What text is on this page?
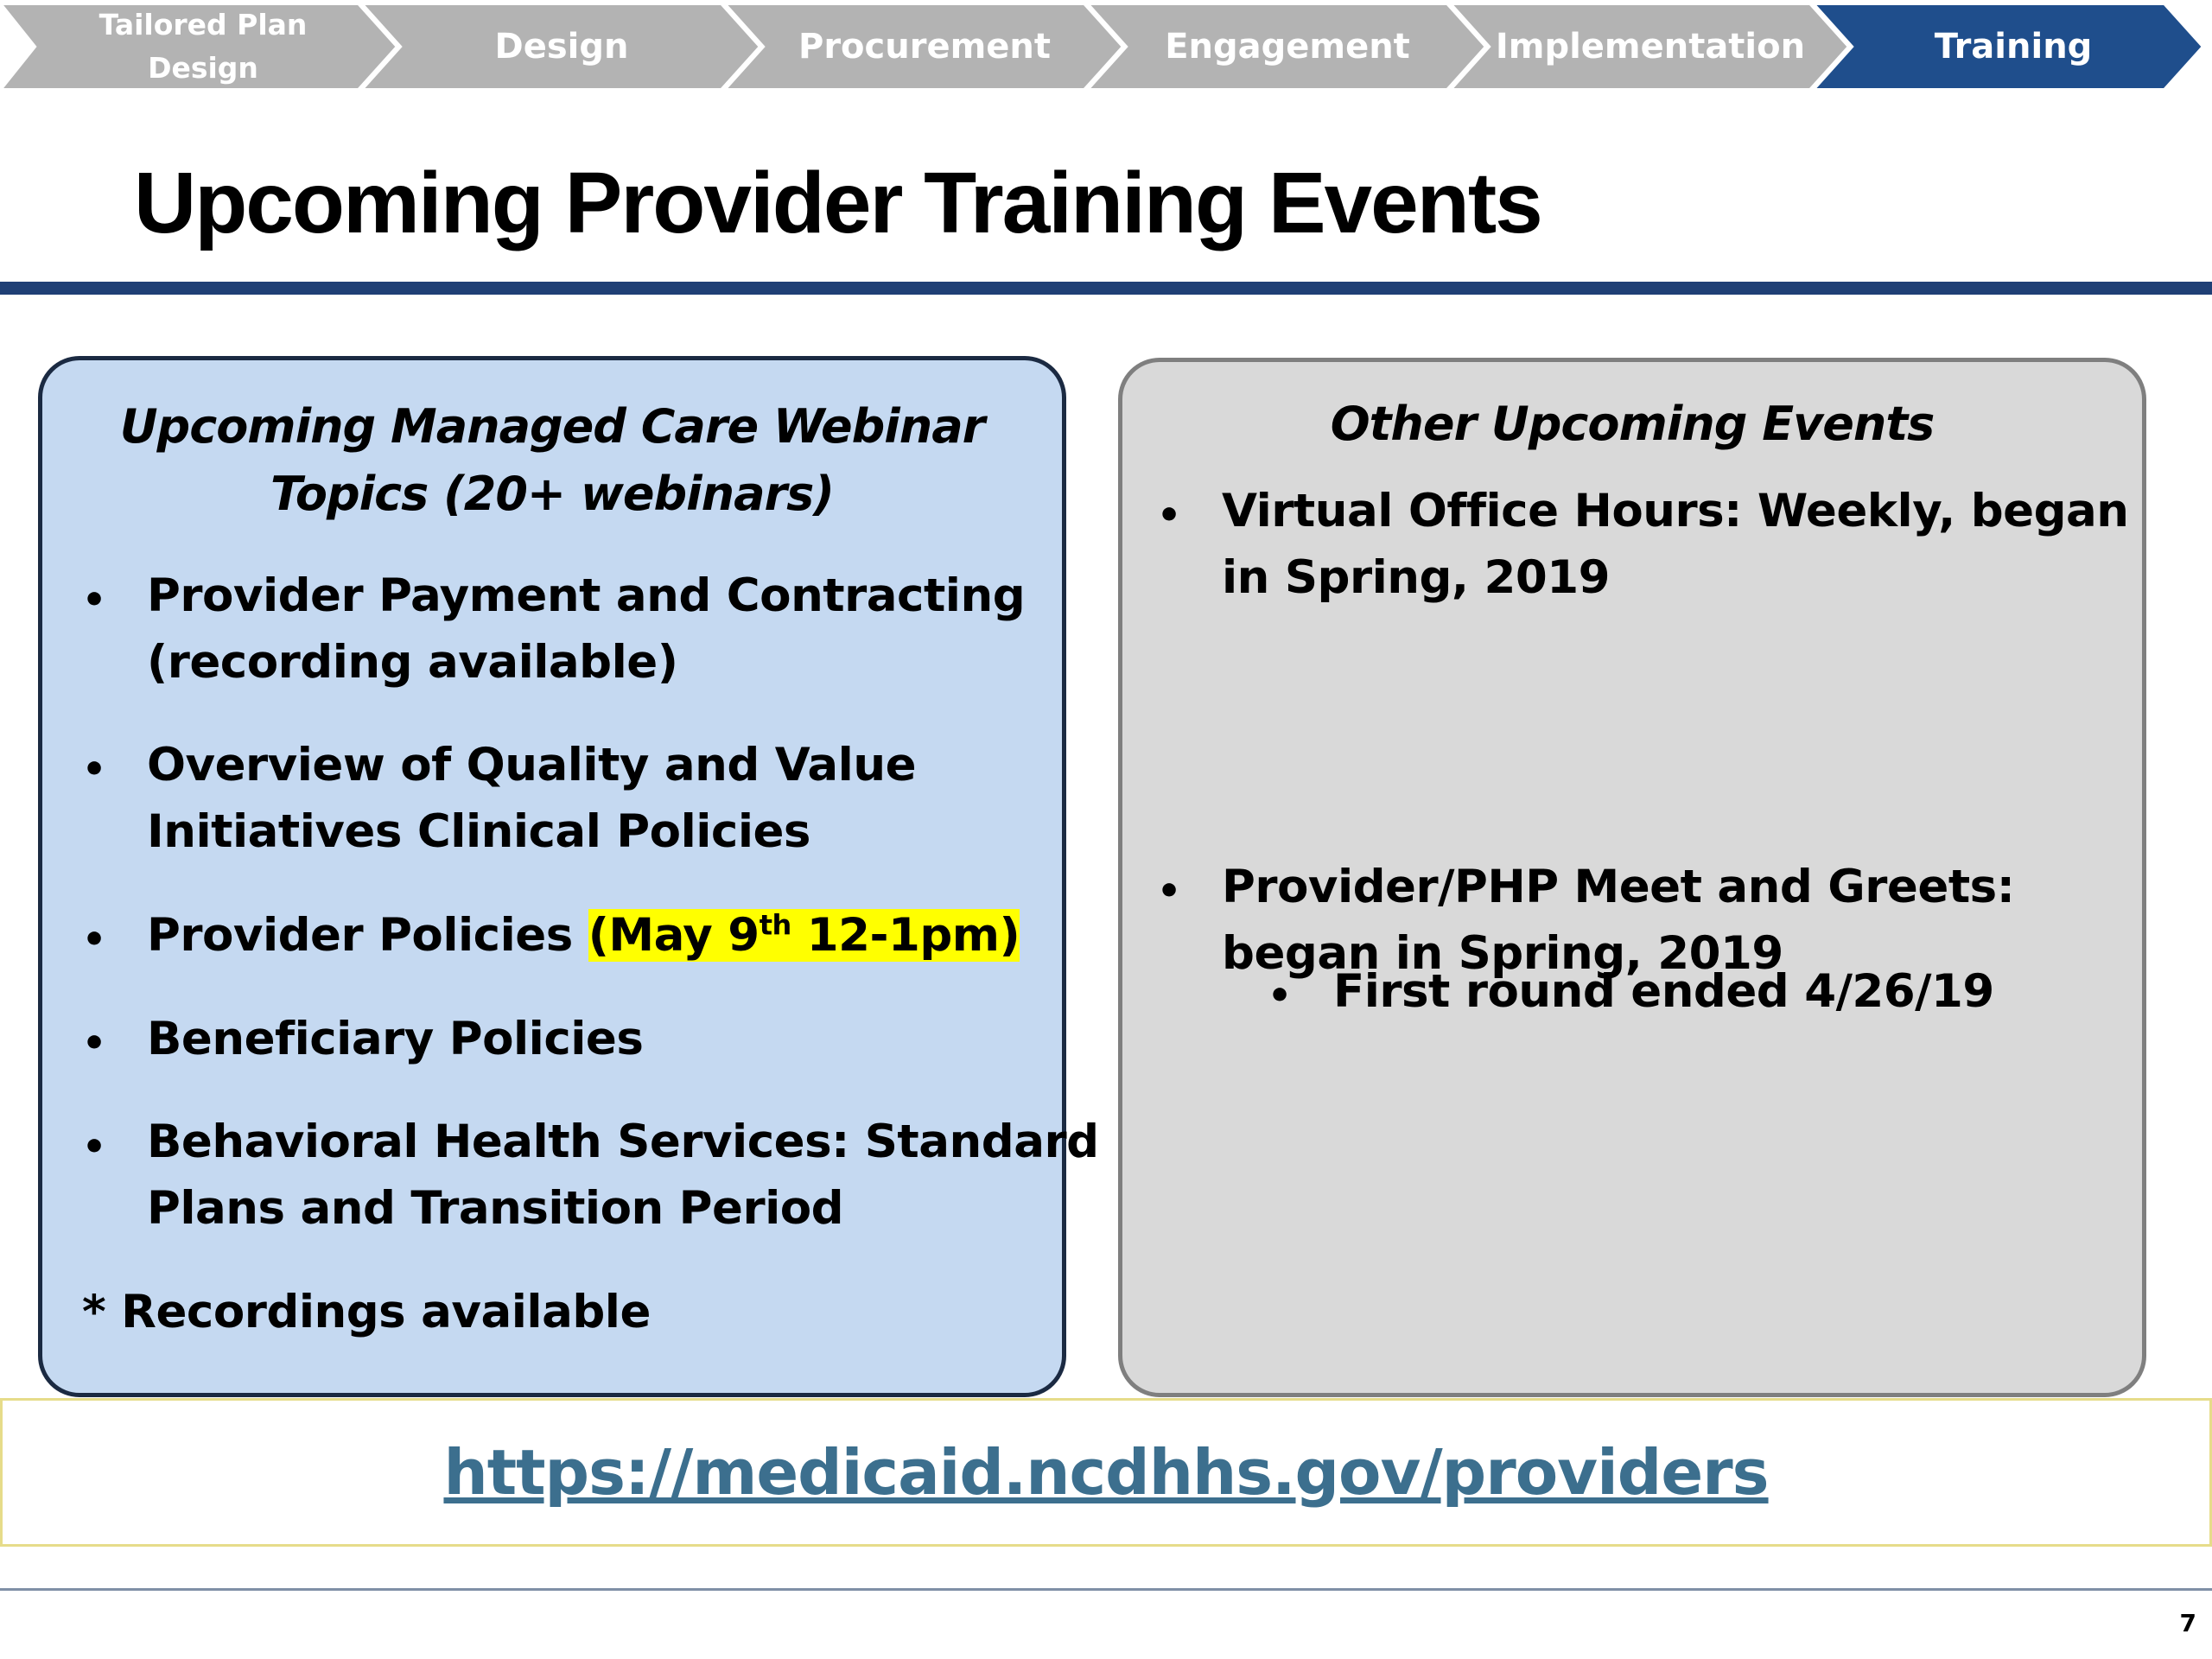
Tailored Plan
Design
Design	Procurement	Engagement	Implementation	Training
Upcoming Provider Training Events
Upcoming Managed Care Webinar
Topics (20+ webinars)
• Provider Payment and Contracting
(recording available)
• Overview of Quality and Value
Initiatives Clinical Policies
• Provider Policies (May 9th 12-1pm)
• Beneficiary Policies
• Behavioral Health Services: Standard
Plans and Transition Period
* Recordings available
Other Upcoming Events
• Virtual Office Hours: Weekly, began
in Spring, 2019
• Provider/PHP Meet and Greets:
began in Spring, 2019
• First round ended 4/26/19
https://medicaid.ncdhhs.gov/providers
7
